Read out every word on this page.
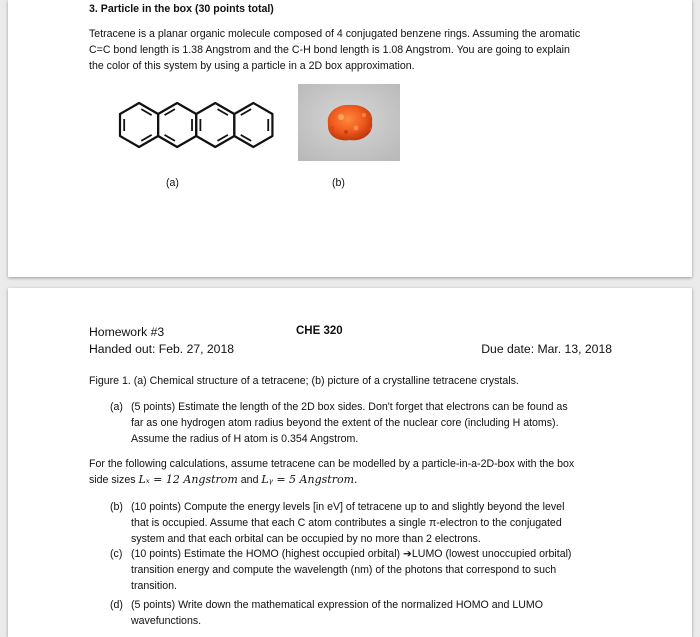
3. Particle in the box (30 points total)
Tetracene is a planar organic molecule composed of 4 conjugated benzene rings. Assuming the aromatic
C=C bond length is 1.38 Angstrom and the C-H bond length is 1.08 Angstrom. You are going to explain
the color of this system by using a particle in a 2D box approximation.
(a)	(b)
Homework #3	CHE 320
Handed out: Feb. 27, 2018	Due date: Mar. 13, 2018
Figure 1. (a) Chemical structure of a tetracene; (b) picture of a crystalline tetracene crystals.
(a) (5 points) Estimate the length of the 2D box sides. Don't forget that electrons can be found as
far as one hydrogen atom radius beyond the extent of the nuclear core (including H atoms).
Assume the radius of H atom is 0.354 Angstrom.
For the following calculations, assume tetracene can be modelled by a particle-in-a-2D-box with the box
side sizes Lₓ = 12 Angstrom and Lᵧ = 5 Angstrom.
(b) (10 points) Compute the energy levels [in eV] of tetracene up to and slightly beyond the level
that is occupied. Assume that each C atom contributes a single π-electron to the conjugated
system and that each orbital can be occupied by no more than 2 electrons.
(c) (10 points) Estimate the HOMO (highest occupied orbital) ➔LUMO (lowest unoccupied orbital)
transition energy and compute the wavelength (nm) of the photons that correspond to such
transition.
(d) (5 points) Write down the mathematical expression of the normalized HOMO and LUMO
wavefunctions.
